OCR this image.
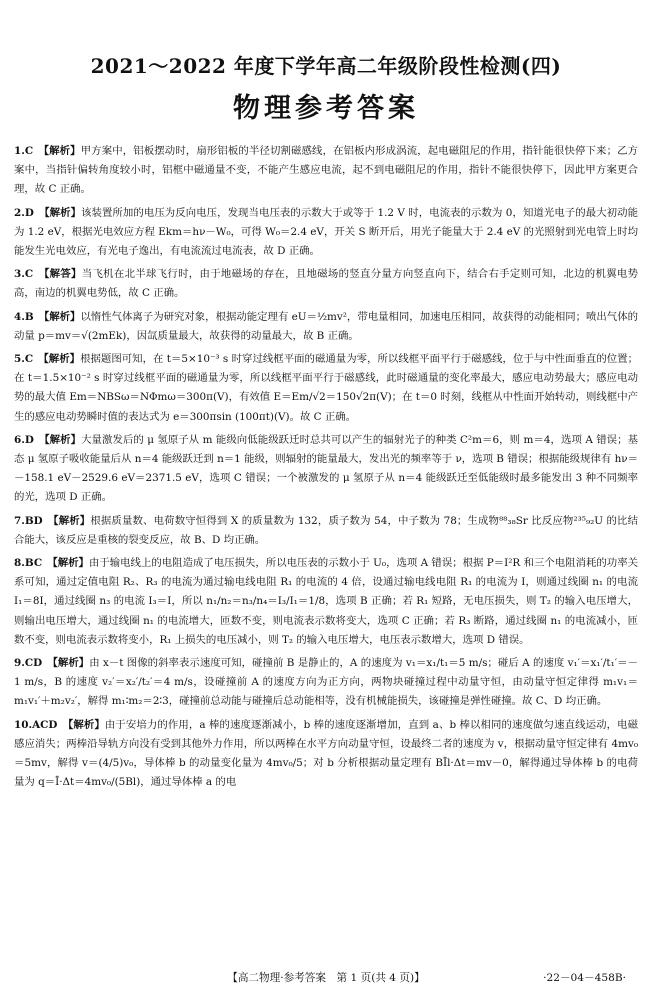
2021～2022 年度下学年高二年级阶段性检测(四)
物理参考答案

1.C　 【解析】甲方案中，铝板摆动时，扇形铝板的半径切割磁感线，在铝板内形成涡流，起电磁阻尼的作用，指针能很快停下来；乙方案中，当指针偏转角度较小时，铝框中磁通量不变，不能产生感应电流，起不到电磁阻尼的作用，指针不能很快停下，因此甲方案更合理，故 C 正确。

2.D　 【解析】该装置所加的电压为反向电压，发现当电压表的示数大于或等于 1.2 V 时，电流表的示数为 0，知道光电子的最大初动能为 1.2 eV，根据光电效应方程 Ekm＝hν－W₀，可得 W₀＝2.4 eV，开关 S 断开后，用光子能量大于 2.4 eV 的光照射到光电管上时均能发生光电效应，有光电子逸出，有电流流过电流表，故 D 正确。

3.C　 【解答】当飞机在北半球飞行时，由于地磁场的存在，且地磁场的竖直分量方向竖直向下，结合右手定则可知，北边的机翼电势高，南边的机翼电势低，故 C 正确。

4.B　 【解析】以惰性气体离子为研究对象，根据动能定理有 eU＝½mv²，带电量相同，加速电压相同，故获得的动能相同；喷出气体的动量 p＝mv＝√(2mEk)，因氙质量最大，故获得的动量最大，故 B 正确。

5.C　 【解析】根据题图可知，在 t＝5×10⁻³ s 时穿过线框平面的磁通量为零，所以线框平面平行于磁感线，位于与中性面垂直的位置；在 t＝1.5×10⁻² s 时穿过线框平面的磁通量为零，所以线框平面平行于磁感线，此时磁通量的变化率最大，感应电动势最大；感应电动势的最大值 Em＝NBSω＝NΦmω＝300π(V)，有效值 E＝Em/√2＝150√2π(V)；在 t＝0 时刻，线框从中性面开始转动，则线框中产生的感应电动势瞬时值的表达式为 e＝300πsin (100πt)(V)。故 C 正确。

6.D　 【解析】大量激发后的 μ 氢原子从 m 能级向低能级跃迁时总共可以产生的辐射光子的种类 C²m＝6，则 m＝4，选项 A 错误；基态 μ 氢原子吸收能量后从 n＝4 能级跃迁到 n＝1 能级，则辐射的能量最大，发出光的频率等于 ν，选项 B 错误；根据能级规律有 hν＝－158.1 eV－2529.6 eV＝2371.5 eV，选项 C 错误；一个被激发的 μ 氢原子从 n＝4 能级跃迁至低能级时最多能发出 3 种不同频率的光，选项 D 正确。

7.BD　 【解析】根据质量数、电荷数守恒得到 X 的质量数为 132，质子数为 54，中子数为 78；生成物⁸⁸₃₈Sr 比反应物²³⁵₉₂U 的比结合能大，该反应是重核的裂变反应，故 B、D 均正确。

8.BC　 【解析】由于输电线上的电阻造成了电压损失，所以电压表的示数小于 U₀，选项 A 错误；根据 P＝I²R 和三个电阻消耗的功率关系可知，通过定值电阻 R₂、R₃ 的电流为通过输电线电阻 R₁ 的电流的 4 倍，设通过输电线电阻 R₁ 的电流为 I，则通过线圈 n₁ 的电流 I₁＝8I，通过线圈 n₃ 的电流 I₃＝I，所以 n₁/n₂＝n₃/n₄＝I₃/I₁＝1/8，选项 B 正确；若 R₁ 短路，无电压损失，则 T₂ 的输入电压增大，则输出电压增大，通过线圈 n₁ 的电流增大，匝数不变，则电流表示数将变大，选项 C 正确；若 R₃ 断路，通过线圈 n₁ 的电流减小，匝数不变，则电流表示数将变小，R₁ 上损失的电压减小，则 T₂ 的输入电压增大，电压表示数增大，选项 D 错误。

9.CD　 【解析】由 x－t 图像的斜率表示速度可知，碰撞前 B 是静止的，A 的速度为 v₁＝x₁/t₁＝5 m/s；碰后 A 的速度 v₁′＝x₁′/t₁′＝－1 m/s，B 的速度 v₂′＝x₂′/t₂′＝4 m/s，设碰撞前 A 的速度方向为正方向，两物块碰撞过程中动量守恒，由动量守恒定律得 m₁v₁＝m₁v₁′＋m₂v₂′，解得 m₁∶m₂＝2∶3，碰撞前总动能与碰撞后总动能相等，没有机械能损失，该碰撞是弹性碰撞。故 C、D 均正确。

10.ACD　 【解析】由于安培力的作用，a 棒的速度逐渐减小，b 棒的速度逐渐增加，直到 a、b 棒以相同的速度做匀速直线运动，电磁感应消失；两棒沿导轨方向没有受到其他外力作用，所以两棒在水平方向动量守恒，设最终二者的速度为 v，根据动量守恒定律有 4mv₀＝5mv，解得 v＝(4/5)v₀，导体棒 b 的动量变化量为 4mv₀/5；对 b 分析根据动量定理有 BĪl·Δt＝mv－0，解得通过导体棒 b 的电荷量为 q＝Ī·Δt＝4mv₀/(5Bl)，通过导体棒 a 的电

【高二物理·参考答案　第 1 页(共 4 页)】	·22－04－458B·
